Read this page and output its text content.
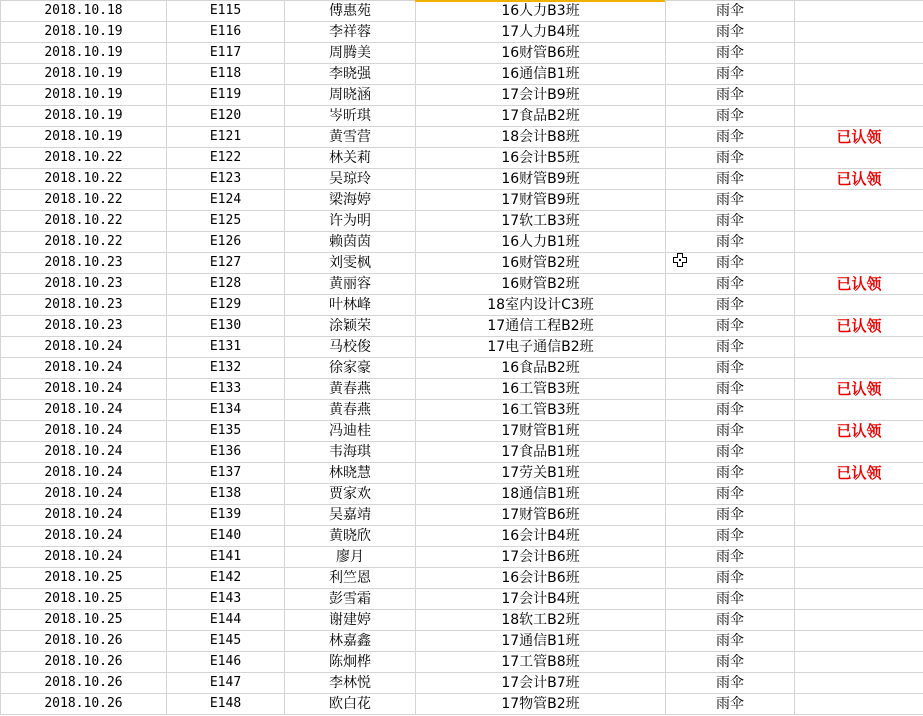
2018.10.18	E115	傅惠苑	16人力B3班	雨伞	
2018.10.19	E116	李祥蓉	17人力B4班	雨伞	
2018.10.19	E117	周腾美	16财管B6班	雨伞	
2018.10.19	E118	李晓强	16通信B1班	雨伞	
2018.10.19	E119	周晓涵	17会计B9班	雨伞	
2018.10.19	E120	岑昕琪	17食品B2班	雨伞	
2018.10.19	E121	黄雪营	18会计B8班	雨伞	已认领
2018.10.22	E122	林关莉	16会计B5班	雨伞	
2018.10.22	E123	吴琼玲	16财管B9班	雨伞	已认领
2018.10.22	E124	梁海婷	17财管B9班	雨伞	
2018.10.22	E125	许为明	17软工B3班	雨伞	
2018.10.22	E126	赖茵茵	16人力B1班	雨伞	
2018.10.23	E127	刘雯枫	16财管B2班	雨伞	
2018.10.23	E128	黄丽容	16财管B2班	雨伞	已认领
2018.10.23	E129	叶林峰	18室内设计C3班	雨伞	
2018.10.23	E130	涂颖荣	17通信工程B2班	雨伞	已认领
2018.10.24	E131	马校俊	17电子通信B2班	雨伞	
2018.10.24	E132	徐家豪	16食品B2班	雨伞	
2018.10.24	E133	黄春燕	16工管B3班	雨伞	已认领
2018.10.24	E134	黄春燕	16工管B3班	雨伞	
2018.10.24	E135	冯迪桂	17财管B1班	雨伞	已认领
2018.10.24	E136	韦海琪	17食品B1班	雨伞	
2018.10.24	E137	林晓慧	17劳关B1班	雨伞	已认领
2018.10.24	E138	贾家欢	18通信B1班	雨伞	
2018.10.24	E139	吴嘉靖	17财管B6班	雨伞	
2018.10.24	E140	黄晓欣	16会计B4班	雨伞	
2018.10.24	E141	廖月	17会计B6班	雨伞	
2018.10.25	E142	利竺恩	16会计B6班	雨伞	
2018.10.25	E143	彭雪霜	17会计B4班	雨伞	
2018.10.25	E144	谢建婷	18软工B2班	雨伞	
2018.10.26	E145	林嘉鑫	17通信B1班	雨伞	
2018.10.26	E146	陈炯桦	17工管B8班	雨伞	
2018.10.26	E147	李林悦	17会计B7班	雨伞	
2018.10.26	E148	欧白花	17物管B2班	雨伞	
